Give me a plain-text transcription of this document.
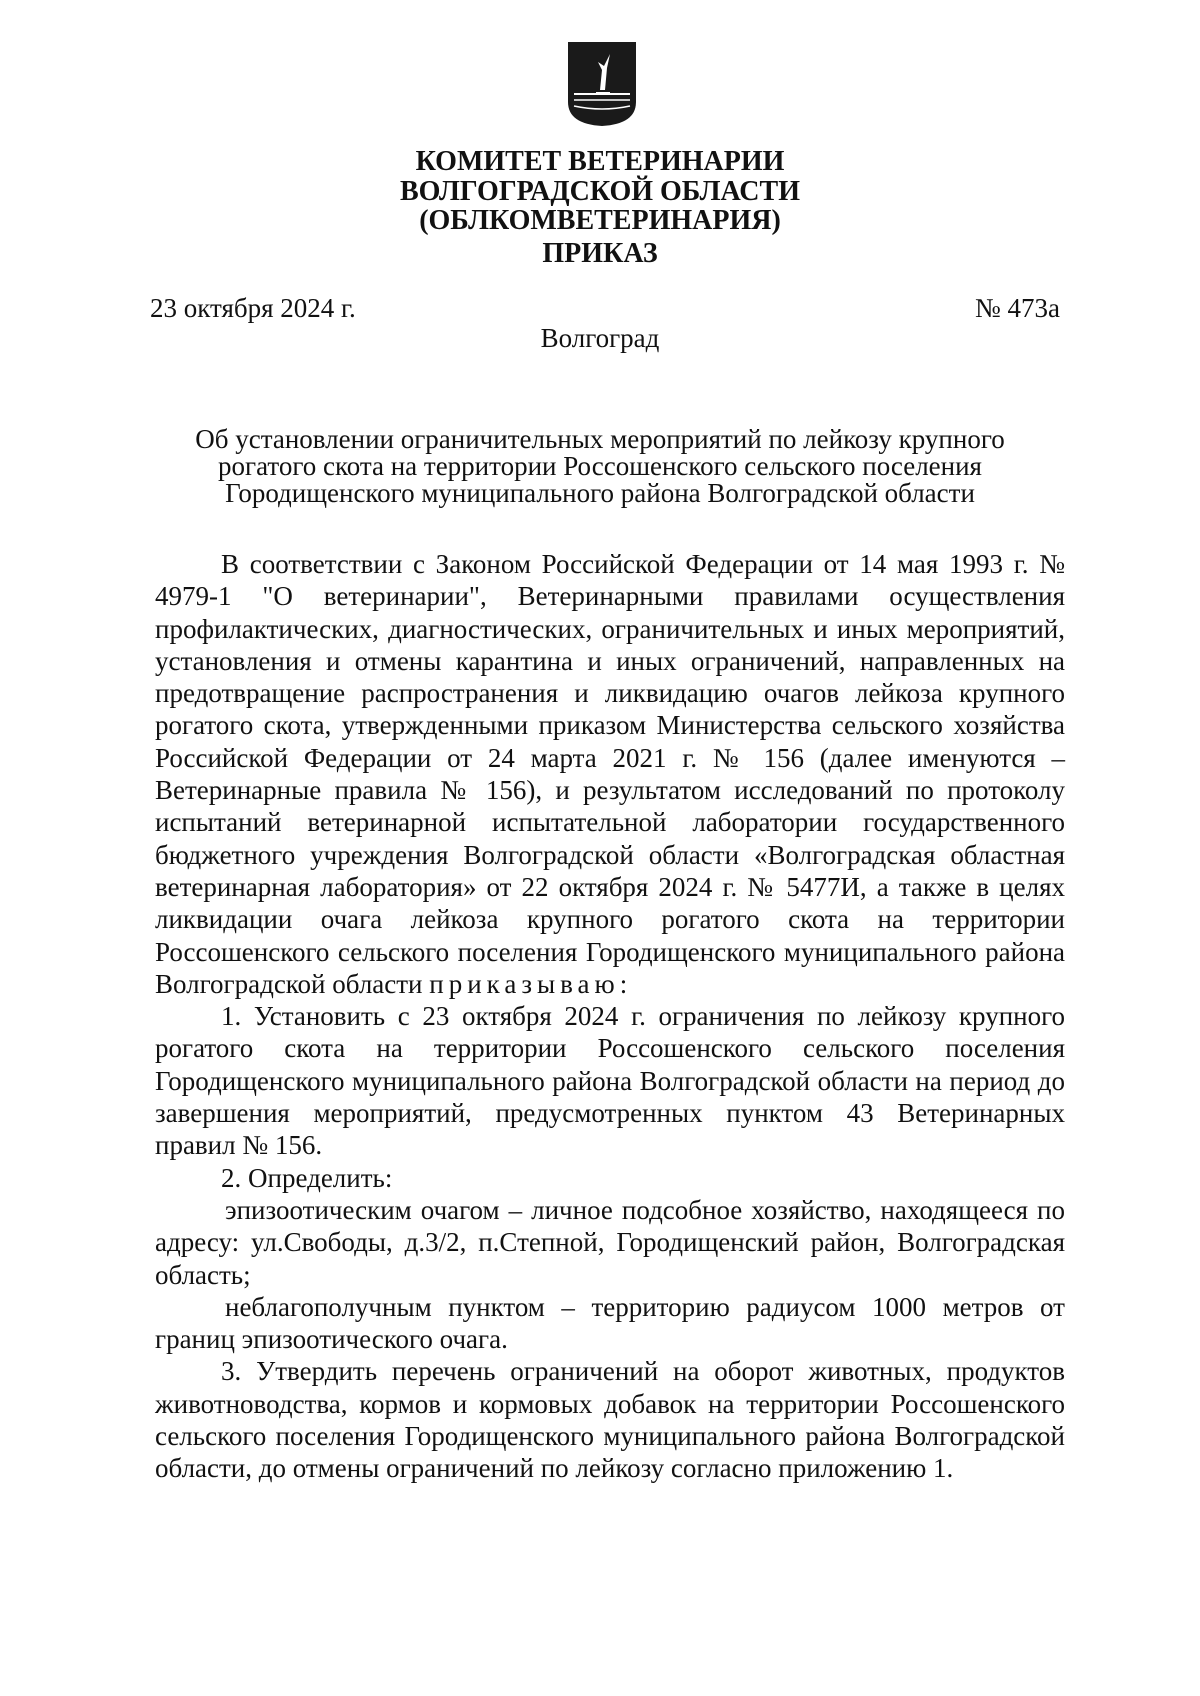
КОМИТЕТ ВЕТЕРИНАРИИ
ВОЛГОГРАДСКОЙ ОБЛАСТИ
(ОБЛКОМВЕТЕРИНАРИЯ)
ПРИКАЗ
23 октября 2024 г.	№ 473а
Волгоград
Об установлении ограничительных мероприятий по лейкозу крупного
рогатого скота на территории Россошенского сельского поселения
Городищенского муниципального района Волгоградской области

В соответствии с Законом Российской Федерации от 14 мая 1993 г. № 4979-1 "О ветеринарии", Ветеринарными правилами осуществления профилактических, диагностических, ограничительных и иных мероприятий, установления и отмены карантина и иных ограничений, направленных на предотвращение распространения и ликвидацию очагов лейкоза крупного рогатого скота, утвержденными приказом Министерства сельского хозяйства Российской Федерации от 24 марта 2021 г. № 156 (далее именуются – Ветеринарные правила № 156), и результатом исследований по протоколу испытаний ветеринарной испытательной лаборатории государственного бюджетного учреждения Волгоградской области «Волгоградская областная ветеринарная лаборатория» от 22 октября 2024 г. № 5477И, а также в целях ликвидации очага лейкоза крупного рогатого скота на территории Россошенского сельского поселения Городищенского муниципального района Волгоградской области приказываю:

1. Установить с 23 октября 2024 г. ограничения по лейкозу крупного рогатого скота на территории Россошенского сельского поселения Городищенского муниципального района Волгоградской области на период до завершения мероприятий, предусмотренных пунктом 43 Ветеринарных правил № 156.

2. Определить:

эпизоотическим очагом – личное подсобное хозяйство, находящееся по адресу: ул.Свободы, д.3/2, п.Степной, Городищенский район, Волгоградская область;

неблагополучным пунктом – территорию радиусом 1000 метров от границ эпизоотического очага.

3. Утвердить перечень ограничений на оборот животных, продуктов животноводства, кормов и кормовых добавок на территории Россошенского сельского поселения Городищенского муниципального района Волгоградской области, до отмены ограничений по лейкозу согласно приложению 1.
